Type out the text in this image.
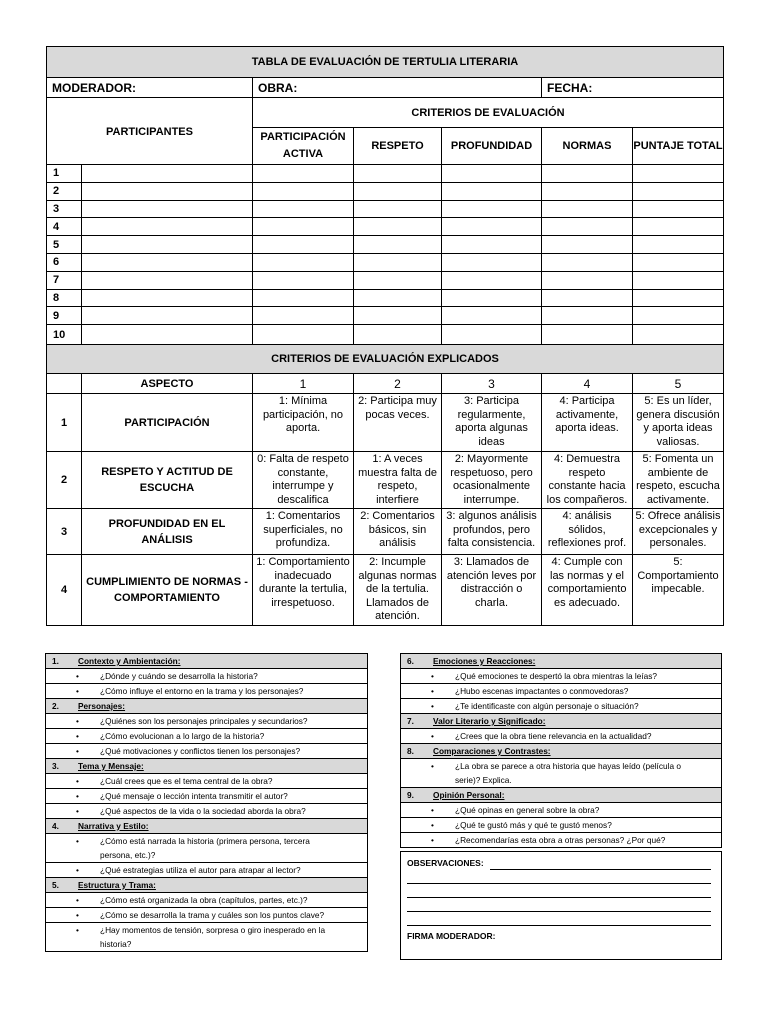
TABLA DE EVALUACIÓN DE TERTULIA LITERARIA						
MODERADOR:		OBRA:			FECHA:	
PARTICIPANTES		CRITERIOS DE EVALUACIÓN				
		PARTICIPACIÓN ACTIVA	RESPETO	PROFUNDIDAD	NORMAS	PUNTAJE TOTAL
1						
2						
3						
4						
5						
6						
7						
8						
9						
10						
CRITERIOS DE EVALUACIÓN EXPLICADOS						
	ASPECTO	1	2	3	4	5
1	PARTICIPACIÓN	1: Mínima participación, no aporta.	2: Participa muy pocas veces.	3: Participa regularmente, aporta algunas ideas	4: Participa activamente, aporta ideas.	5: Es un líder, genera discusión y aporta ideas valiosas.
2	RESPETO Y ACTITUD DE ESCUCHA	0: Falta de respeto constante, interrumpe y descalifica	1: A veces muestra falta de respeto, interfiere	2: Mayormente respetuoso, pero ocasionalmente interrumpe.	4: Demuestra respeto constante hacia los compañeros.	5: Fomenta un ambiente de respeto, escucha activamente.
3	PROFUNDIDAD EN EL ANÁLISIS	1: Comentarios superficiales, no profundiza.	2: Comentarios básicos, sin análisis	3: algunos análisis profundos, pero falta consistencia.	4: análisis sólidos, reflexiones prof.	5: Ofrece análisis excepcionales y personales.
4	CUMPLIMIENTO DE NORMAS - COMPORTAMIENTO	1: Comportamiento inadecuado durante la tertulia, irrespetuoso.	2: Incumple algunas normas de la tertulia. Llamados de atención.	3: Llamados de atención leves por distracción o charla.	4: Cumple con las normas y el comportamiento es adecuado.	5: Comportamiento impecable.
1. Contexto y Ambientación:
•	¿Dónde y cuándo se desarrolla la historia?
•	¿Cómo influye el entorno en la trama y los personajes?
2. Personajes:
•	¿Quiénes son los personajes principales y secundarios?
•	¿Cómo evolucionan a lo largo de la historia?
•	¿Qué motivaciones y conflictos tienen los personajes?
3. Tema y Mensaje:
•	¿Cuál crees que es el tema central de la obra?
•	¿Qué mensaje o lección intenta transmitir el autor?
•	¿Qué aspectos de la vida o la sociedad aborda la obra?
4. Narrativa y Estilo:
•	¿Cómo está narrada la historia (primera persona, tercera persona, etc.)?
•	¿Qué estrategias utiliza el autor para atrapar al lector?
5. Estructura y Trama:
•	¿Cómo está organizada la obra (capítulos, partes, etc.)?
•	¿Cómo se desarrolla la trama y cuáles son los puntos clave?
•	¿Hay momentos de tensión, sorpresa o giro inesperado en la historia?
6. Emociones y Reacciones:
•	¿Qué emociones te despertó la obra mientras la leías?
•	¿Hubo escenas impactantes o conmovedoras?
•	¿Te identificaste con algún personaje o situación?
7. Valor Literario y Significado:
•	¿Crees que la obra tiene relevancia en la actualidad?
8. Comparaciones y Contrastes:
•	¿La obra se parece a otra historia que hayas leído (película o serie)? Explica.
9. Opinión Personal:
•	¿Qué opinas en general sobre la obra?
•	¿Qué te gustó más y qué te gustó menos?
•	¿Recomendarías esta obra a otras personas? ¿Por qué?
OBSERVACIONES:
FIRMA MODERADOR:
